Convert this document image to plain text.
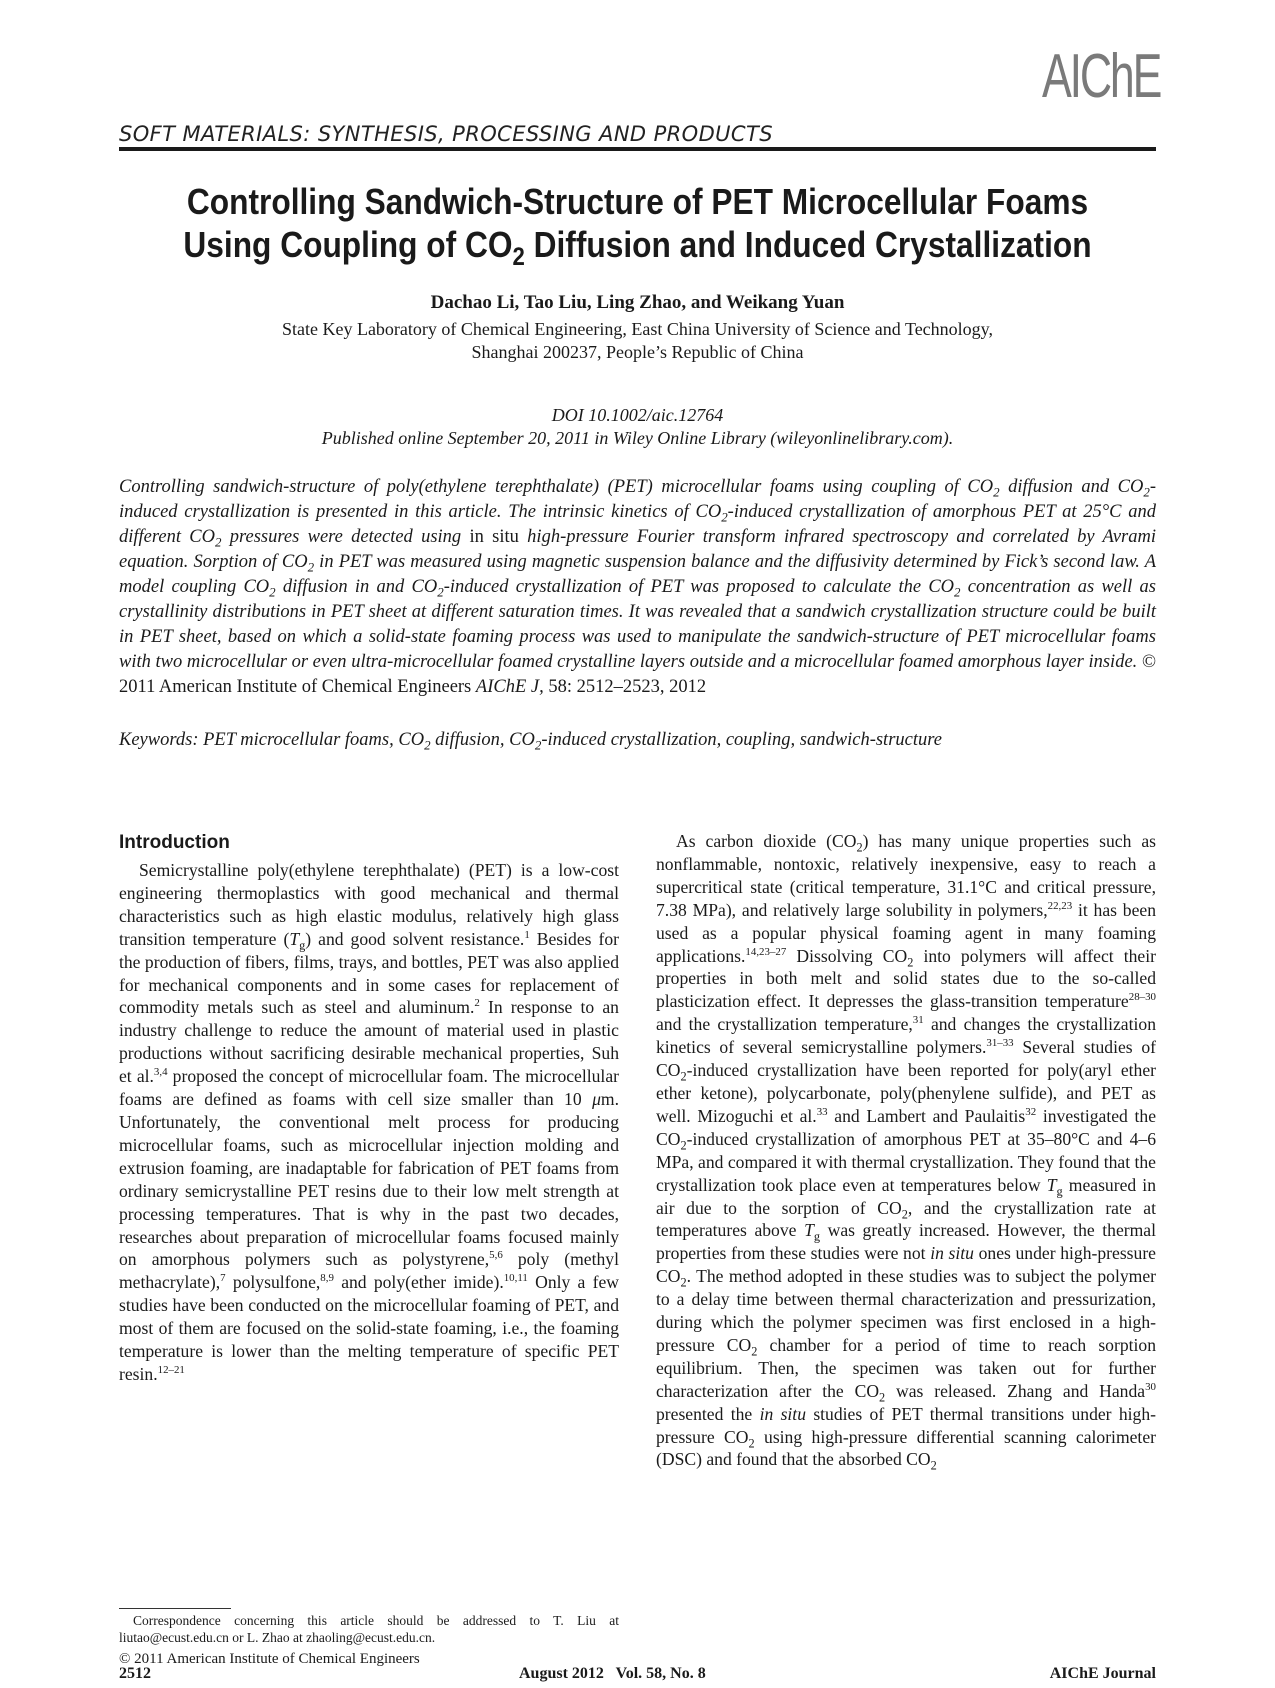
AIChE
SOFT MATERIALS: SYNTHESIS, PROCESSING AND PRODUCTS
Controlling Sandwich-Structure of PET Microcellular Foams
Using Coupling of $CO_2$ Diffusion and Induced Crystallization
Dachao Li, Tao Liu, Ling Zhao, and Weikang Yuan
State Key Laboratory of Chemical Engineering, East China University of Science and Technology,
Shanghai 200237, People’s Republic of China
DOI 10.1002/aic.12764
Published online September 20, 2011 in Wiley Online Library (wileyonlinelibrary.com).
Controlling sandwich-structure of poly(ethylene terephthalate) (PET) microcellular foams using coupling of $CO_2$ diffusion and $CO_2$-induced crystallization is presented in this article. The intrinsic kinetics of $CO_2$-induced crystallization of amorphous PET at 25°C and different $CO_2$ pressures were detected using in situ high-pressure Fourier transform infrared spectroscopy and correlated by Avrami equation. Sorption of $CO_2$ in PET was measured using magnetic suspension balance and the diffusivity determined by Fick’s second law. A model coupling $CO_2$ diffusion in and $CO_2$-induced crystallization of PET was proposed to calculate the $CO_2$ concentration as well as crystallinity distributions in PET sheet at different saturation times. It was revealed that a sandwich crystallization structure could be built in PET sheet, based on which a solid-state foaming process was used to manipulate the sandwich-structure of PET microcellular foams with two microcellular or even ultra-microcellular foamed crystalline layers outside and a microcellular foamed amorphous layer inside. © 2011 American Institute of Chemical Engineers AIChE J, 58: 2512–2523, 2012
Keywords: PET microcellular foams, $CO_2$ diffusion, $CO_2$-induced crystallization, coupling, sandwich-structure
Introduction

Semicrystalline poly(ethylene terephthalate) (PET) is a low-cost engineering thermoplastics with good mechanical and thermal characteristics such as high elastic modulus, relatively high glass transition temperature $(T_g)$ and good solvent resistance.$^1$ Besides for the production of fibers, films, trays, and bottles, PET was also applied for mechanical components and in some cases for replacement of commodity metals such as steel and aluminum.$^2$ In response to an industry challenge to reduce the amount of material used in plastic productions without sacrificing desirable mechanical properties, Suh et al.$^{3,4}$ proposed the concept of microcellular foam. The microcellular foams are defined as foams with cell size smaller than 10 μm. Unfortunately, the conventional melt process for producing microcellular foams, such as microcellular injection molding and extrusion foaming, are inadaptable for fabrication of PET foams from ordinary semicrystalline PET resins due to their low melt strength at processing temperatures. That is why in the past two decades, researches about preparation of microcellular foams focused mainly on amorphous polymers such as polystyrene,$^{5,6}$ poly (methyl methacrylate),$^7$ polysulfone,$^{8,9}$ and poly(ether imide).$^{10,11}$ Only a few studies have been conducted on the microcellular foaming of PET, and most of them are focused on the solid-state foaming, i.e., the foaming temperature is lower than the melting temperature of specific PET resin.$^{12-21}$

As carbon dioxide $(CO_2)$ has many unique properties such as nonflammable, nontoxic, relatively inexpensive, easy to reach a supercritical state (critical temperature, 31.1°C and critical pressure, 7.38 MPa), and relatively large solubility in polymers,$^{22,23}$ it has been used as a popular physical foaming agent in many foaming applications.$^{14,23-27}$ Dissolving $CO_2$ into polymers will affect their properties in both melt and solid states due to the so-called plasticization effect. It depresses the glass-transition temperature$^{28-30}$ and the crystallization temperature,$^{31}$ and changes the crystallization kinetics of several semicrystalline polymers.$^{31-33}$ Several studies of $CO_2$-induced crystallization have been reported for poly(aryl ether ether ketone), polycarbonate, poly(phenylene sulfide), and PET as well. Mizoguchi et al.$^{33}$ and Lambert and Paulaitis$^{32}$ investigated the $CO_2$-induced crystallization of amorphous PET at 35–80°C and 4–6 MPa, and compared it with thermal crystallization. They found that the crystallization took place even at temperatures below $T_g$ measured in air due to the sorption of $CO_2$, and the crystallization rate at temperatures above $T_g$ was greatly increased. However, the thermal properties from these studies were not in situ ones under high-pressure $CO_2$. The method adopted in these studies was to subject the polymer to a delay time between thermal characterization and pressurization, during which the polymer specimen was first enclosed in a high-pressure $CO_2$ chamber for a period of time to reach sorption equilibrium. Then, the specimen was taken out for further characterization after the $CO_2$ was released. Zhang and Handa$^{30}$ presented the in situ studies of PET thermal transitions under high-pressure $CO_2$ using high-pressure differential scanning calorimeter (DSC) and found that the absorbed $CO_2$

Correspondence concerning this article should be addressed to T. Liu at liutao@ecust.edu.cn or L. Zhao at zhaoling@ecust.edu.cn.
© 2011 American Institute of Chemical Engineers
2512	August 2012   Vol. 58, No. 8	AIChE Journal
